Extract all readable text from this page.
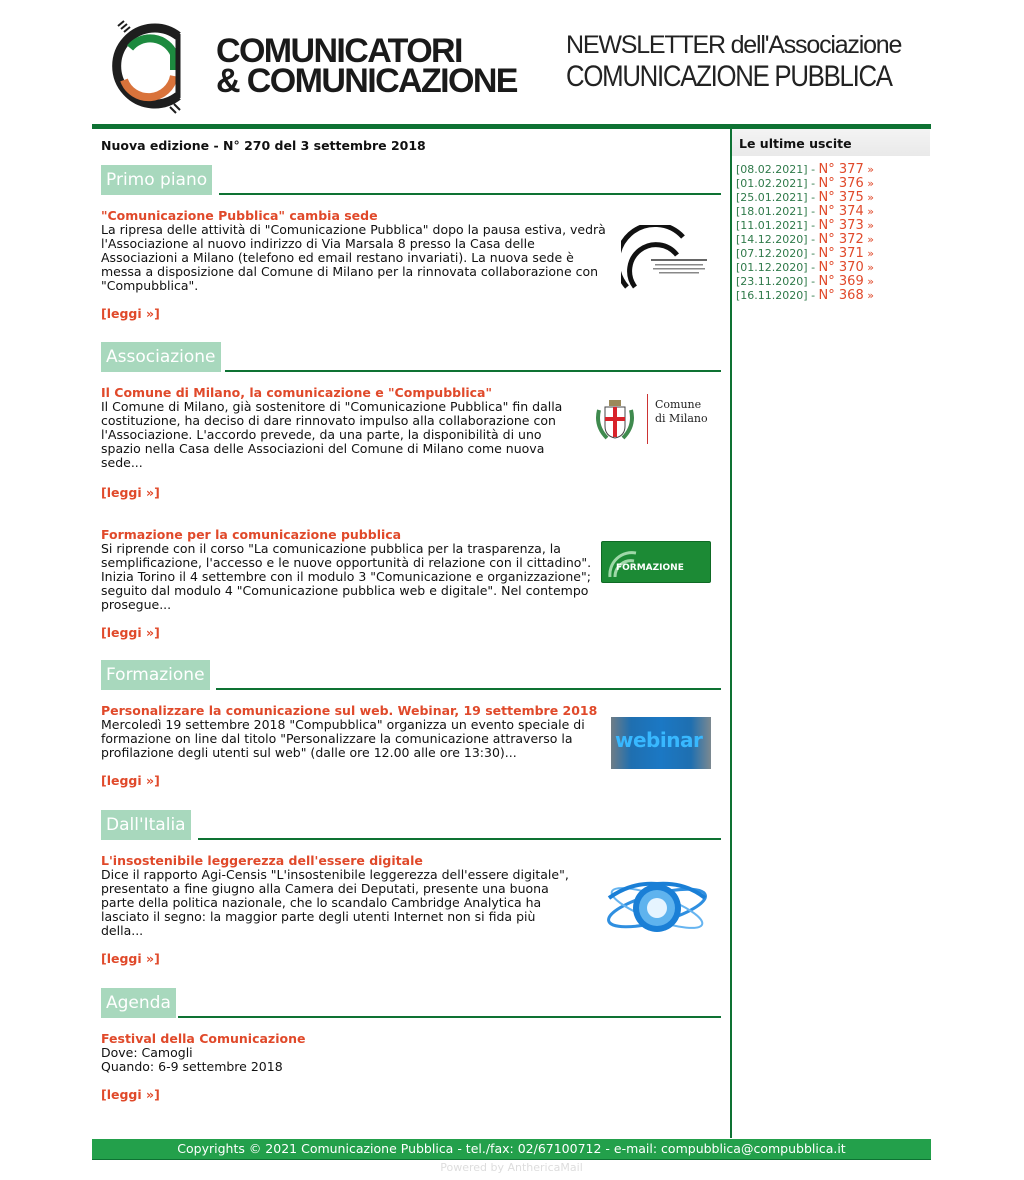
COMUNICATORI
& COMUNICAZIONE
NEWSLETTER dell'Associazione
COMUNICAZIONE PUBBLICA
Nuova edizione - N° 270 del 3 settembre 2018
Primo piano
"Comunicazione Pubblica" cambia sede
La ripresa delle attività di "Comunicazione Pubblica" dopo la pausa estiva, vedrà l'Associazione al nuovo indirizzo di Via Marsala 8 presso la Casa delle Associazioni a Milano (telefono ed email restano invariati). La nuova sede è messa a disposizione dal Comune di Milano per la rinnovata collaborazione con "Compubblica".
[leggi »]
Associazione
Il Comune di Milano, la comunicazione e "Compubblica"
Il Comune di Milano, già sostenitore di "Comunicazione Pubblica" fin dalla costituzione, ha deciso di dare rinnovato impulso alla collaborazione con l'Associazione. L'accordo prevede, da una parte, la disponibilità di uno spazio nella Casa delle Associazioni del Comune di Milano come nuova sede...
Comune
di Milano
[leggi »]
Formazione per la comunicazione pubblica
Si riprende con il corso "La comunicazione pubblica per la trasparenza, la semplificazione, l'accesso e le nuove opportunità di relazione con il cittadino". Inizia Torino il 4 settembre con il modulo 3 "Comunicazione e organizzazione"; seguito dal modulo 4 "Comunicazione pubblica web e digitale". Nel contempo prosegue...
FORMAZIONE
[leggi »]
Formazione
Personalizzare la comunicazione sul web. Webinar, 19 settembre 2018
Mercoledì 19 settembre 2018 "Compubblica" organizza un evento speciale di formazione on line dal titolo "Personalizzare la comunicazione attraverso la profilazione degli utenti sul web" (dalle ore 12.00 alle ore 13:30)...
webinar
[leggi »]
Dall'Italia
L'insostenibile leggerezza dell'essere digitale
Dice il rapporto Agi-Censis "L'insostenibile leggerezza dell'essere digitale", presentato a fine giugno alla Camera dei Deputati, presente una buona parte della politica nazionale, che lo scandalo Cambridge Analytica ha lasciato il segno: la maggior parte degli utenti Internet non si fida più della...
[leggi »]
Agenda
Festival della Comunicazione
Dove: Camogli
Quando: 6-9 settembre 2018
[leggi »]
Le ultime uscite
[08.02.2021] - N° 377 »
[01.02.2021] - N° 376 »
[25.01.2021] - N° 375 »
[18.01.2021] - N° 374 »
[11.01.2021] - N° 373 »
[14.12.2020] - N° 372 »
[07.12.2020] - N° 371 »
[01.12.2020] - N° 370 »
[23.11.2020] - N° 369 »
[16.11.2020] - N° 368 »
Copyrights © 2021 Comunicazione Pubblica - tel./fax: 02/67100712 - e-mail: compubblica@compubblica.it
Powered by AnthericaMail
